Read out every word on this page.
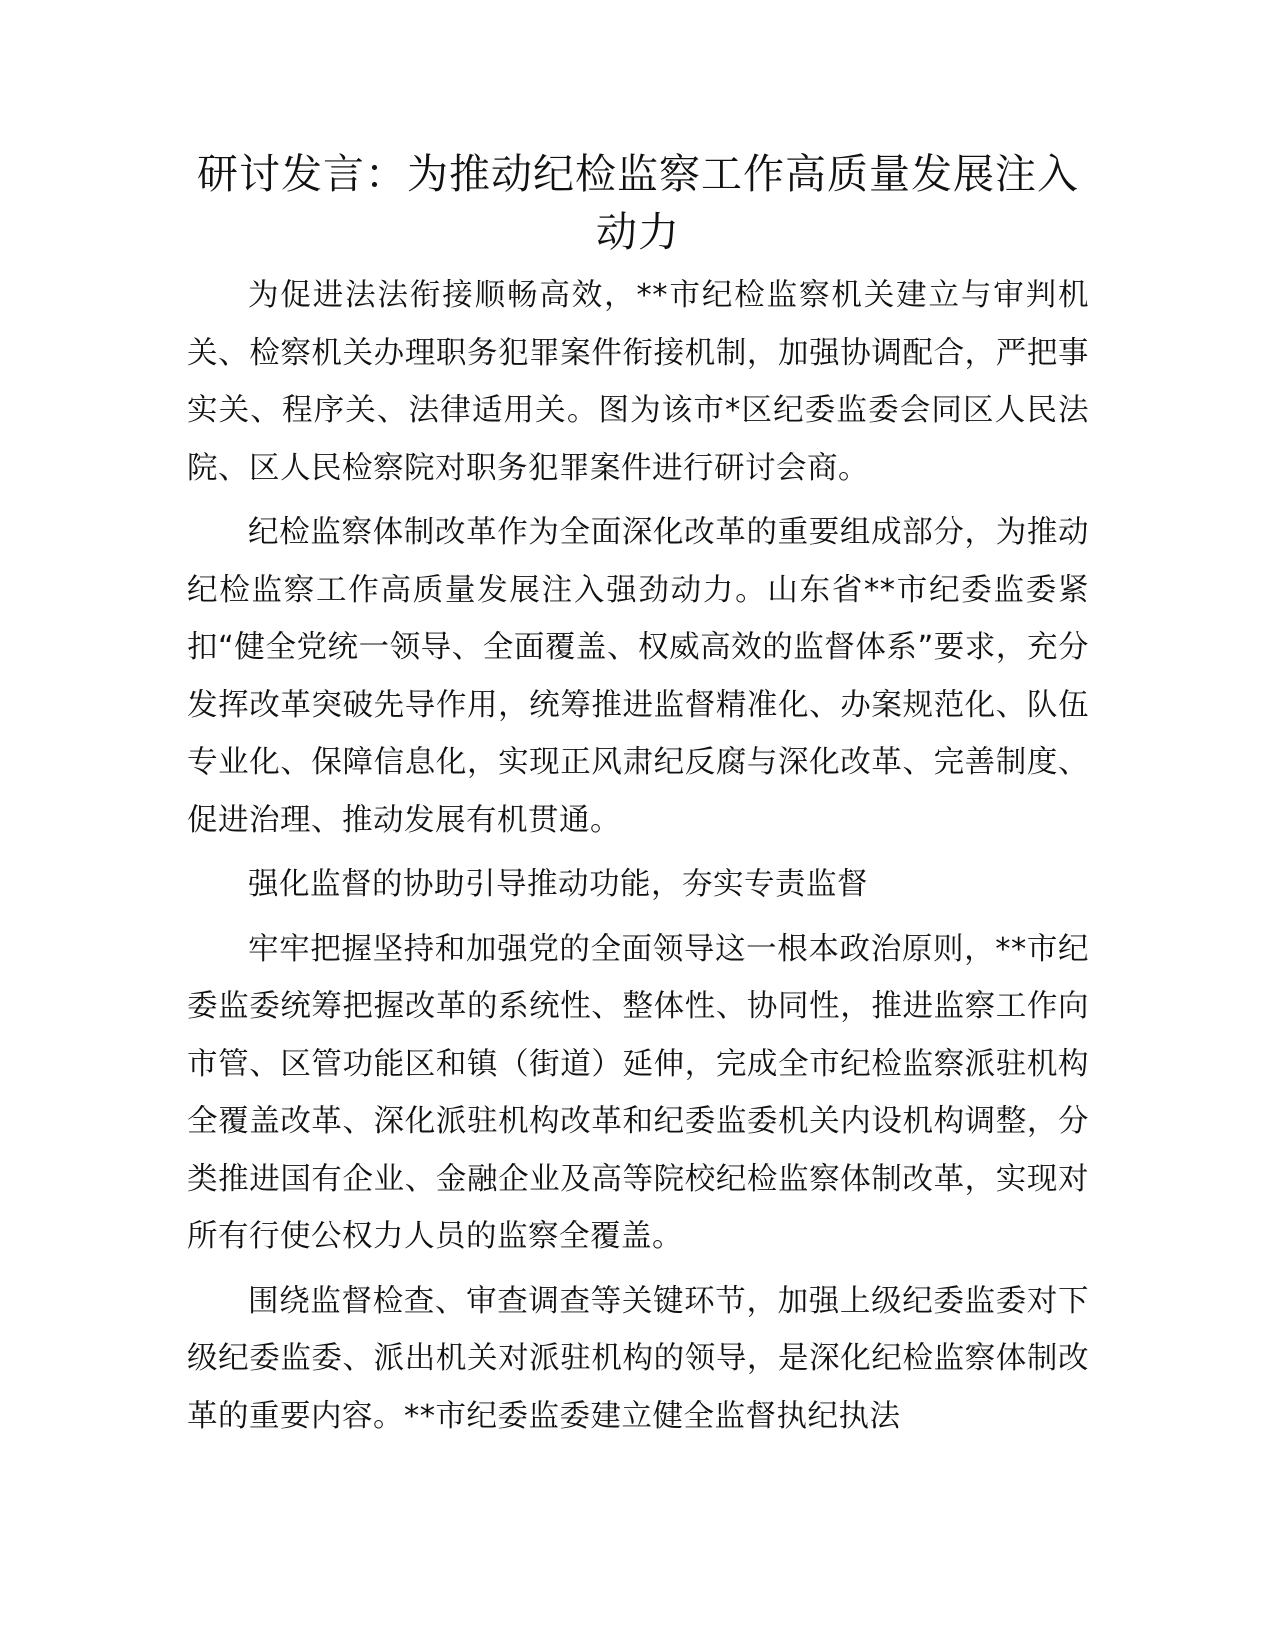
研讨发言：为推动纪检监察工作高质量发展注入动力

为促进法法衔接顺畅高效，**市纪检监察机关建立与审判机关、检察机关办理职务犯罪案件衔接机制，加强协调配合，严把事实关、程序关、法律适用关。图为该市*区纪委监委会同区人民法院、区人民检察院对职务犯罪案件进行研讨会商。

纪检监察体制改革作为全面深化改革的重要组成部分，为推动纪检监察工作高质量发展注入强劲动力。山东省**市纪委监委紧扣“健全党统一领导、全面覆盖、权威高效的监督体系”要求，充分发挥改革突破先导作用，统筹推进监督精准化、办案规范化、队伍专业化、保障信息化，实现正风肃纪反腐与深化改革、完善制度、促进治理、推动发展有机贯通。

强化监督的协助引导推动功能，夯实专责监督

牢牢把握坚持和加强党的全面领导这一根本政治原则，**市纪委监委统筹把握改革的系统性、整体性、协同性，推进监察工作向市管、区管功能区和镇（街道）延伸，完成全市纪检监察派驻机构全覆盖改革、深化派驻机构改革和纪委监委机关内设机构调整，分类推进国有企业、金融企业及高等院校纪检监察体制改革，实现对所有行使公权力人员的监察全覆盖。

围绕监督检查、审查调查等关键环节，加强上级纪委监委对下级纪委监委、派出机关对派驻机构的领导，是深化纪检监察体制改革的重要内容。**市纪委监委建立健全监督执纪执法
